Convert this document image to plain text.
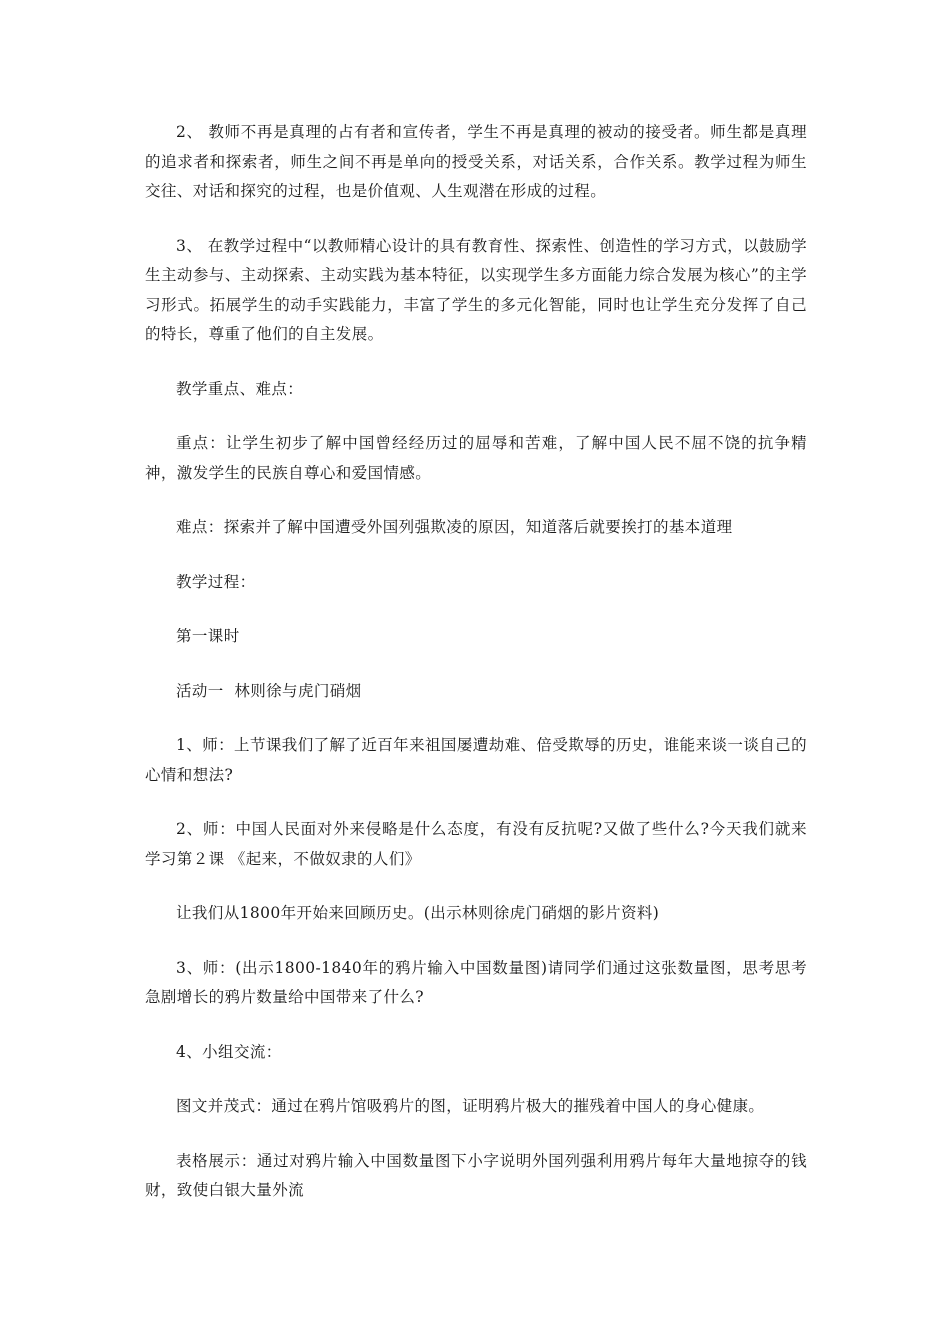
2、 教师不再是真理的占有者和宣传者，学生不再是真理的被动的接受者。师生都是真理的追求者和探索者，师生之间不再是单向的授受关系，对话关系，合作关系。教学过程为师生交往、对话和探究的过程，也是价值观、人生观潜在形成的过程。

3、 在教学过程中“以教师精心设计的具有教育性、探索性、创造性的学习方式，以鼓励学生主动参与、主动探索、主动实践为基本特征，以实现学生多方面能力综合发展为核心”的主学习形式。拓展学生的动手实践能力，丰富了学生的多元化智能，同时也让学生充分发挥了自己的特长，尊重了他们的自主发展。

教学重点、难点：

重点：让学生初步了解中国曾经经历过的屈辱和苦难，了解中国人民不屈不饶的抗争精神，激发学生的民族自尊心和爱国情感。

难点：探索并了解中国遭受外国列强欺凌的原因，知道落后就要挨打的基本道理

教学过程：

第一课时

活动一  林则徐与虎门硝烟

1、师：上节课我们了解了近百年来祖国屡遭劫难、倍受欺辱的历史，谁能来谈一谈自己的心情和想法?

2、师：中国人民面对外来侵略是什么态度，有没有反抗呢?又做了些什么?今天我们就来学习第２课 《起来，不做奴隶的人们》

让我们从1800年开始来回顾历史。(出示林则徐虎门硝烟的影片资料)

3、师：(出示1800-1840年的鸦片输入中国数量图)请同学们通过这张数量图，思考思考急剧增长的鸦片数量给中国带来了什么?

4、小组交流：

图文并茂式：通过在鸦片馆吸鸦片的图，证明鸦片极大的摧残着中国人的身心健康。

表格展示：通过对鸦片输入中国数量图下小字说明外国列强利用鸦片每年大量地掠夺的钱财，致使白银大量外流
